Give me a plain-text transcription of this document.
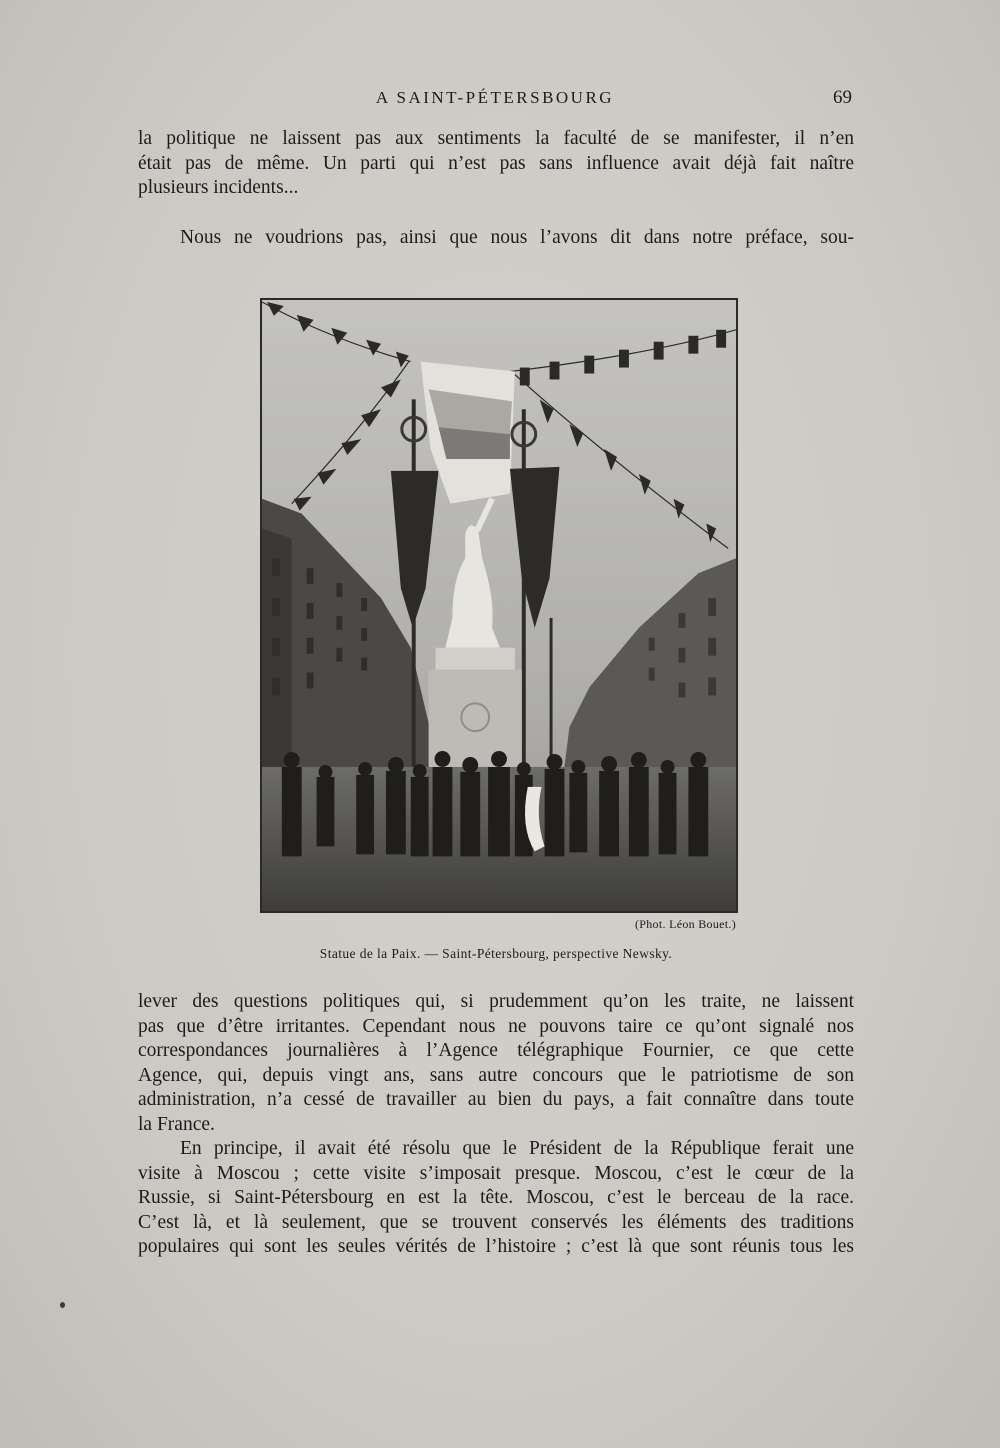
A SAINT-PÉTERSBOURG	69
la politique ne laissent pas aux sentiments la faculté de se manifester, il n’en
était pas de même. Un parti qui n’est pas sans influence avait déjà fait naître
plusieurs incidents...
Nous ne voudrions pas, ainsi que nous l’avons dit dans notre préface, sou-
(Phot. Léon Bouet.)
Statue de la Paix. — Saint-Pétersbourg, perspective Newsky.
lever des questions politiques qui, si prudemment qu’on les traite, ne laissent
pas que d’être irritantes. Cependant nous ne pouvons taire ce qu’ont signalé nos
correspondances journalières à l’Agence télégraphique Fournier, ce que cette
Agence, qui, depuis vingt ans, sans autre concours que le patriotisme de son
administration, n’a cessé de travailler au bien du pays, a fait connaître dans toute
la France.
En principe, il avait été résolu que le Président de la République ferait une
visite à Moscou ; cette visite s’imposait presque. Moscou, c’est le cœur de la
Russie, si Saint-Pétersbourg en est la tête. Moscou, c’est le berceau de la race.
C’est là, et là seulement, que se trouvent conservés les éléments des traditions
populaires qui sont les seules vérités de l’histoire ; c’est là que sont réunis tous les
